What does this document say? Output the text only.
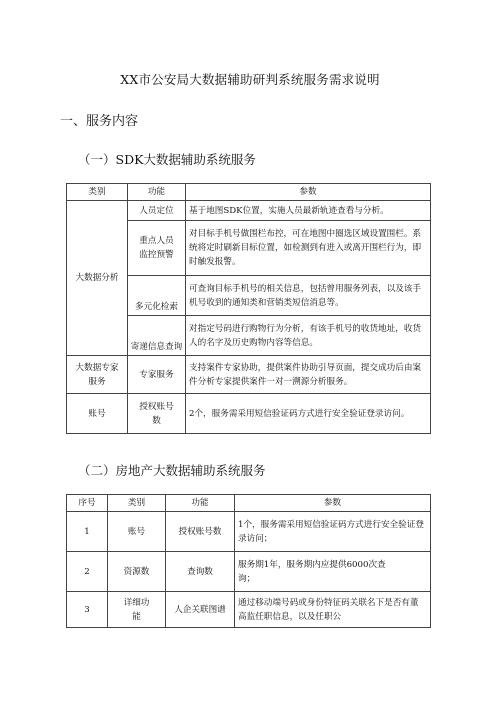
XX市公安局大数据辅助研判系统服务需求说明
一、服务内容
（一）SDK大数据辅助系统服务
类别	功能	参数
大数据分析	人员定位	基于地图SDK位置，实施人员最新轨迹查看与分析。
	重点人员监控预警	对目标手机号做围栏布控，可在地图中圈选区域设置围栏。系统将定时刷新目标位置，如检测到有进入或离开围栏行为，即时触发报警。
	多元化检索	可查询目标手机号的相关信息，包括曾用服务列表，以及该手机号收到的通知类和营销类短信消息等。
	寄递信息查询	对指定号码进行购物行为分析，有该手机号的收货地址，收货人的名字及历史购物内容等信息。
大数据专家服务	专家服务	支持案件专家协助，提供案件协助引导页面，提交成功后由案件分析专家提供案件一对一溯源分析服务。
账号	授权账号数	2个，服务需采用短信验证码方式进行安全验证登录访问。
（二）房地产大数据辅助系统服务
序号	类别	功能	参数
1	账号	授权账号数	1个，服务需采用短信验证码方式进行安全验证登录访问；
2	资源数	查询数	服务期1年，服务期内应提供6000次查询；
3	详细功能	人企关联图谱	通过移动端号码或身份特征码关联名下是否有董高监任职信息，以及任职公
